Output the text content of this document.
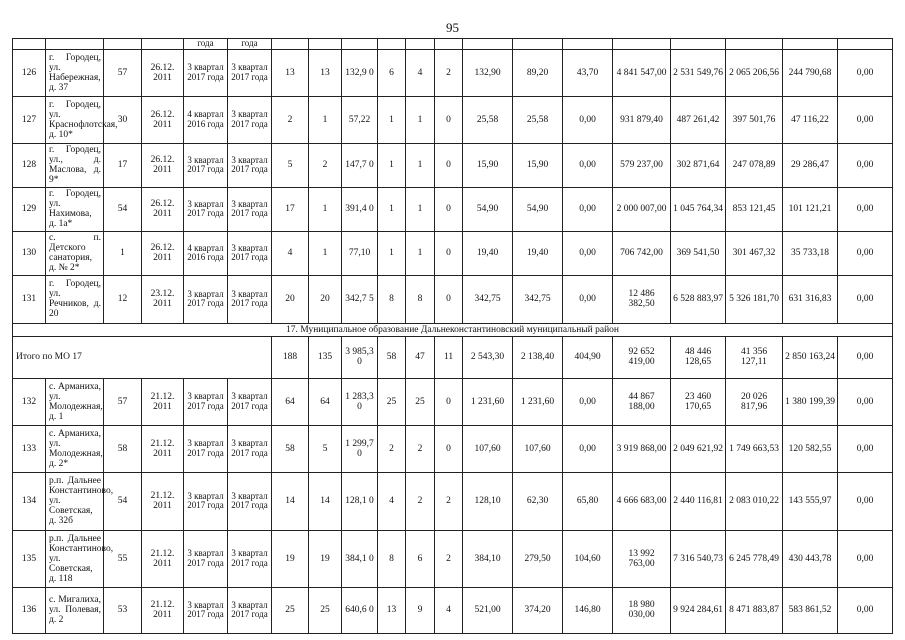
95
				года	года														
126	г. Городец, ул. Набережная, д. 37	57	26.12. 2011	3 квартал 2017 года	3 квартал 2017 года	13	13	132,9 0	6	4	2	132,90	89,20	43,70	4 841 547,00	2 531 549,76	2 065 206,56	244 790,68	0,00
127	г. Городец, ул. Краснофлотская, д. 10*	30	26.12. 2011	4 квартал 2016 года	3 квартал 2017 года	2	1	57,22	1	1	0	25,58	25,58	0,00	931 879,40	487 261,42	397 501,76	47 116,22	0,00
128	г. Городец, ул., д. Маслова, д. 9*	17	26.12. 2011	3 квартал 2017 года	3 квартал 2017 года	5	2	147,7 0	1	1	0	15,90	15,90	0,00	579 237,00	302 871,64	247 078,89	29 286,47	0,00
129	г. Городец, ул. Нахимова, д. 1а*	54	26.12. 2011	3 квартал 2017 года	3 квартал 2017 года	17	1	391,4 0	1	1	0	54,90	54,90	0,00	2 000 007,00	1 045 764,34	853 121,45	101 121,21	0,00
130	с. п. Детского санатория, д. № 2*	1	26.12. 2011	4 квартал 2016 года	3 квартал 2017 года	4	1	77,10	1	1	0	19,40	19,40	0,00	706 742,00	369 541,50	301 467,32	35 733,18	0,00
131	г. Городец, ул. Речников, д. 20	12	23.12. 2011	3 квартал 2017 года	3 квартал 2017 года	20	20	342,7 5	8	8	0	342,75	342,75	0,00	12 486 382,50	6 528 883,97	5 326 181,70	631 316,83	0,00
17. Муниципальное образование Дальнеконстантиновский муниципальный район																			
Итого по МО 17						188	135	3 985,3 0	58	47	11	2 543,30	2 138,40	404,90	92 652 419,00	48 446 128,65	41 356 127,11	2 850 163,24	0,00
132	с. Арманиха, ул. Молодежная, д. 1	57	21.12. 2011	3 квартал 2017 года	3 квартал 2017 года	64	64	1 283,3 0	25	25	0	1 231,60	1 231,60	0,00	44 867 188,00	23 460 170,65	20 026 817,96	1 380 199,39	0,00
133	с. Арманиха, ул. Молодежная, д. 2*	58	21.12. 2011	3 квартал 2017 года	3 квартал 2017 года	58	5	1 299,7 0	2	2	0	107,60	107,60	0,00	3 919 868,00	2 049 621,92	1 749 663,53	120 582,55	0,00
134	р.п. Дальнее Константиново, ул. Советская, д. 32б	54	21.12. 2011	3 квартал 2017 года	3 квартал 2017 года	14	14	128,1 0	4	2	2	128,10	62,30	65,80	4 666 683,00	2 440 116,81	2 083 010,22	143 555,97	0,00
135	р.п. Дальнее Константиново, ул. Советская, д. 118	55	21.12. 2011	3 квартал 2017 года	3 квартал 2017 года	19	19	384,1 0	8	6	2	384,10	279,50	104,60	13 992 763,00	7 316 540,73	6 245 778,49	430 443,78	0,00
136	с. Мигалиха, ул. Полевая, д. 2	53	21.12. 2011	3 квартал 2017 года	3 квартал 2017 года	25	25	640,6 0	13	9	4	521,00	374,20	146,80	18 980 030,00	9 924 284,61	8 471 883,87	583 861,52	0,00
